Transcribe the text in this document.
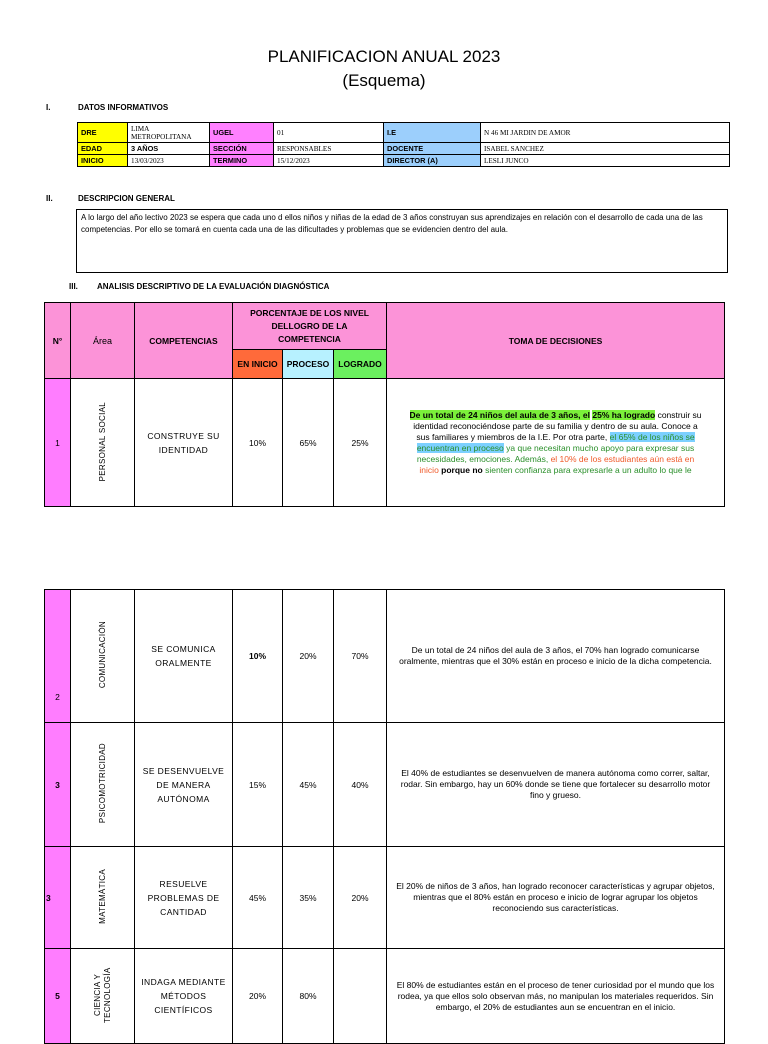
PLANIFICACION ANUAL 2023
(Esquema)
I.	DATOS INFORMATIVOS
DRE	LIMA METROPOLITANA	UGEL	01	I.E	N 46 MI JARDIN DE AMOR
EDAD	3 AÑOS	SECCIÓN	RESPONSABLES	DOCENTE	ISABEL SANCHEZ
INICIO	13/03/2023	TERMINO	15/12/2023	DIRECTOR (A)	LESLI JUNCO
II.	DESCRIPCION GENERAL
A lo largo del año lectivo 2023 se espera que cada uno d ellos niños y niñas de la edad de 3 años construyan sus aprendizajes en relación con el desarrollo de cada una de las competencias. Por ello se tomará en cuenta cada una de las dificultades y problemas que se evidencien dentro del aula.
III. ANALISIS DESCRIPTIVO DE LA EVALUACIÓN DIAGNÓSTICA
N°	Área	COMPETENCIAS	PORCENTAJE DE LOS NIVEL DELLOGRO DE LA COMPETENCIA			TOMA DE DECISIONES
			EN INICIO	PROCESO	LOGRADO	
1	PERSONAL SOCIAL	CONSTRUYE SU IDENTIDAD	10%	65%	25%	De un total de 24 niños del aula de 3 años, el 25% ha logrado construir su identidad reconociéndose parte de su familia y dentro de su aula. Conoce a sus familiares y miembros de la I.E. Por otra parte, el 65% de los niños se encuentran en proceso ya que necesitan mucho apoyo para expresar sus necesidades, emociones. Además, el 10% de los estudiantes aún está en inicio porque no sienten confianza para expresarle a un adulto lo que le
2	COMUNICACIÓN	SE COMUNICA ORALMENTE	10%	20%	70%	De un total de 24 niños del aula de 3 años, el 70% han logrado comunicarse oralmente, mientras que el 30% están en proceso e inicio de la dicha competencia.
3	PSICOMOTRICIDAD	SE DESENVUELVE DE MANERA AUTÓNOMA	15%	45%	40%	El 40% de estudiantes se desenvuelven de manera autónoma como correr, saltar, rodar. Sin embargo, hay un 60% donde se tiene que fortalecer su desarrollo motor fino y grueso.
3	MATEMÁTICA	RESUELVE PROBLEMAS DE CANTIDAD	45%	35%	20%	El 20% de niños de 3 años, han logrado reconocer características y agrupar objetos, mientras que el 80% están en proceso e inicio de lograr agrupar los objetos reconociendo sus características.
5	CIENCIA Y TECNOLOGÍA	INDAGA MEDIANTE MÉTODOS CIENTÍFICOS	20%	80%		El 80% de estudiantes están en el proceso de tener curiosidad por el mundo que los rodea, ya que ellos solo observan más, no manipulan los materiales requeridos. Sin embargo, el 20% de estudiantes aun se encuentran en el inicio.
